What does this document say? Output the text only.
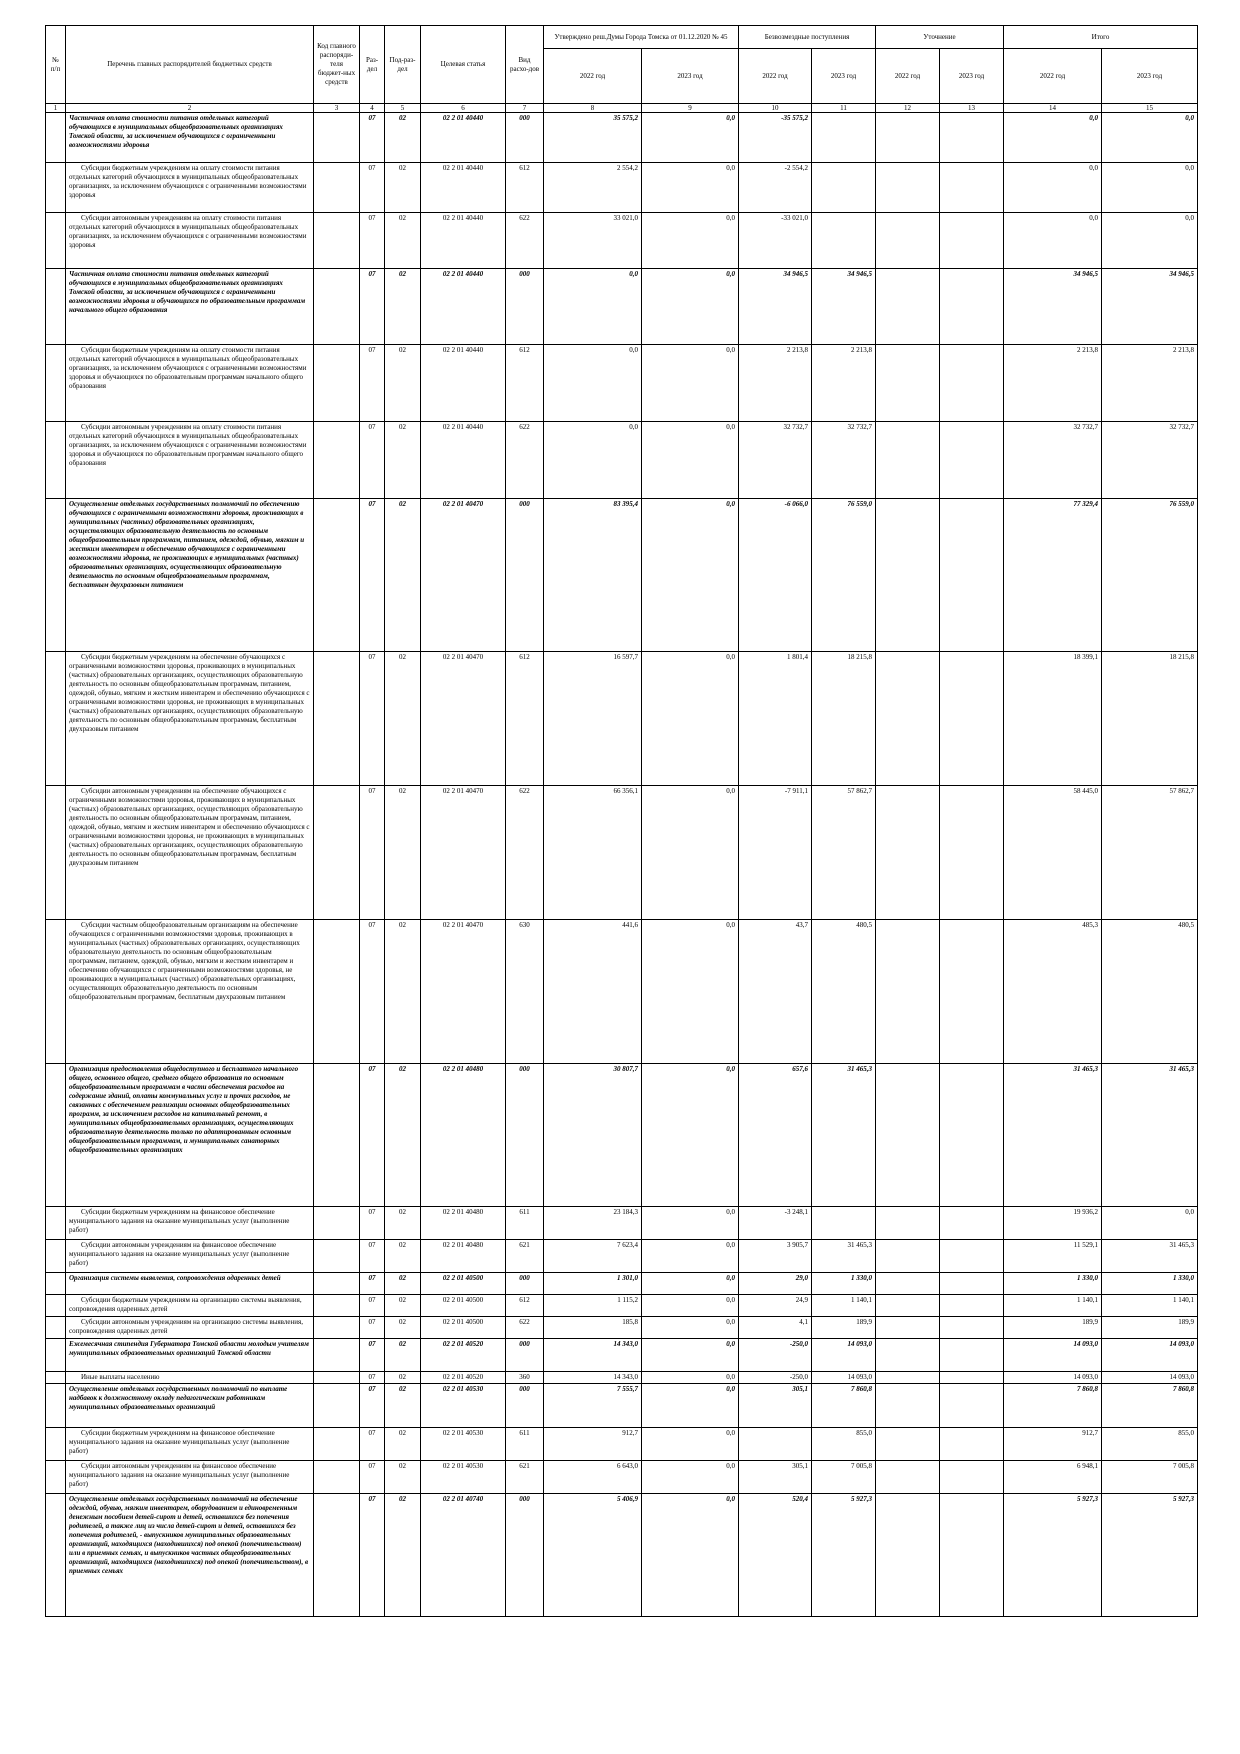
№ п/п	Перечень главных распорядителей бюджетных средств	Код главного распоряди-теля бюджет-ных средств	Раз-дел	Под-раз-дел	Целевая статья	Вид расхо-дов	Утверждено реш.Думы Города Томска от 01.12.2020 № 45		Безвозмездные поступления		Уточнение		Итого	
							2022 год	2023 год	2022 год	2023 год	2022 год	2023 год	2022 год	2023 год
1	2	3	4	5	6	7	8	9	10	11	12	13	14	15
	Частичная оплата стоимости питания отдельных категорий обучающихся в муниципальных общеобразовательных организациях Томской области, за исключением обучающихся с ограниченными возможностями здоровья		07	02	02 2 01 40440	000	35 575,2	0,0	-35 575,2				0,0	0,0
	Субсидии бюджетным учреждениям на оплату стоимости питания отдельных категорий обучающихся в муниципальных общеобразовательных организациях, за исключением обучающихся с ограниченными возможностями здоровья		07	02	02 2 01 40440	612	2 554,2	0,0	-2 554,2				0,0	0,0
	Субсидии автономным учреждениям на оплату стоимости питания отдельных категорий обучающихся в муниципальных общеобразовательных организациях, за исключением обучающихся с ограниченными возможностями здоровья		07	02	02 2 01 40440	622	33 021,0	0,0	-33 021,0				0,0	0,0
	Частичная оплата стоимости питания отдельных категорий обучающихся в муниципальных общеобразовательных организациях Томской области, за исключением обучающихся с ограниченными возможностями здоровья и обучающихся по образовательным программам начального общего образования		07	02	02 2 01 40440	000	0,0	0,0	34 946,5	34 946,5			34 946,5	34 946,5
	Субсидии бюджетным учреждениям на оплату стоимости питания отдельных категорий обучающихся в муниципальных общеобразовательных организациях, за исключением обучающихся с ограниченными возможностями здоровья и обучающихся по образовательным программам начального общего образования		07	02	02 2 01 40440	612	0,0	0,0	2 213,8	2 213,8			2 213,8	2 213,8
	Субсидии автономным учреждениям на оплату стоимости питания отдельных категорий обучающихся в муниципальных общеобразовательных организациях, за исключением обучающихся с ограниченными возможностями здоровья и обучающихся по образовательным программам начального общего образования		07	02	02 2 01 40440	622	0,0	0,0	32 732,7	32 732,7			32 732,7	32 732,7
	Осуществление отдельных государственных полномочий по обеспечению обучающихся с ограниченными возможностями здоровья, проживающих в муниципальных (частных) образовательных организациях, осуществляющих образовательную деятельность по основным общеобразовательным программам, питанием, одеждой, обувью, мягким и жестким инвентарем и обеспечению обучающихся с ограниченными возможностями здоровья, не проживающих в муниципальных (частных) образовательных организациях, осуществляющих образовательную деятельность по основным общеобразовательным программам, бесплатным двухразовым питанием		07	02	02 2 01 40470	000	83 395,4	0,0	-6 066,0	76 559,0			77 329,4	76 559,0
	Субсидии бюджетным учреждениям на обеспечение обучающихся с ограниченными возможностями здоровья, проживающих в муниципальных (частных) образовательных организациях, осуществляющих образовательную деятельность по основным общеобразовательным программам, питанием, одеждой, обувью, мягким и жестким инвентарем и обеспечению обучающихся с ограниченными возможностями здоровья, не проживающих в муниципальных (частных) образовательных организациях, осуществляющих образовательную деятельность по основным общеобразовательным программам, бесплатным двухразовым питанием		07	02	02 2 01 40470	612	16 597,7	0,0	1 801,4	18 215,8			18 399,1	18 215,8
	Субсидии автономным учреждениям на обеспечение обучающихся с ограниченными возможностями здоровья, проживающих в муниципальных (частных) образовательных организациях, осуществляющих образовательную деятельность по основным общеобразовательным программам, питанием, одеждой, обувью, мягким и жестким инвентарем и обеспечению обучающихся с ограниченными возможностями здоровья, не проживающих в муниципальных (частных) образовательных организациях, осуществляющих образовательную деятельность по основным общеобразовательным программам, бесплатным двухразовым питанием		07	02	02 2 01 40470	622	66 356,1	0,0	-7 911,1	57 862,7			58 445,0	57 862,7
	Субсидии частным общеобразовательным организациям на обеспечение обучающихся с ограниченными возможностями здоровья, проживающих в муниципальных (частных) образовательных организациях, осуществляющих образовательную деятельность по основным общеобразовательным программам, питанием, одеждой, обувью, мягким и жестким инвентарем и обеспечению обучающихся с ограниченными возможностями здоровья, не проживающих в муниципальных (частных) образовательных организациях, осуществляющих образовательную деятельность по основным общеобразовательным программам, бесплатным двухразовым питанием		07	02	02 2 01 40470	630	441,6	0,0	43,7	480,5			485,3	480,5
	Организация предоставления общедоступного и бесплатного начального общего, основного общего, среднего общего образования по основным общеобразовательным программам в части обеспечения расходов на содержание зданий, оплаты коммунальных услуг и прочих расходов, не связанных с обеспечением реализации основных общеобразовательных программ, за исключением расходов на капитальный ремонт, в муниципальных общеобразовательных организациях, осуществляющих образовательную деятельность только по адаптированным основным общеобразовательным программам, и муниципальных санаторных общеобразовательных организациях		07	02	02 2 01 40480	000	30 807,7	0,0	657,6	31 465,3			31 465,3	31 465,3
	Субсидии бюджетным учреждениям на финансовое обеспечение муниципального задания на оказание муниципальных услуг (выполнение работ)		07	02	02 2 01 40480	611	23 184,3	0,0	-3 248,1				19 936,2	0,0
	Субсидии автономным учреждениям на финансовое обеспечение муниципального задания на оказание муниципальных услуг (выполнение работ)		07	02	02 2 01 40480	621	7 623,4	0,0	3 905,7	31 465,3			11 529,1	31 465,3
	Организация системы выявления, сопровождения одаренных детей		07	02	02 2 01 40500	000	1 301,0	0,0	29,0	1 330,0			1 330,0	1 330,0
	Субсидии бюджетным учреждениям на организацию системы выявления, сопровождения одаренных детей		07	02	02 2 01 40500	612	1 115,2	0,0	24,9	1 140,1			1 140,1	1 140,1
	Субсидии автономным учреждениям на организацию системы выявления, сопровождения одаренных детей		07	02	02 2 01 40500	622	185,8	0,0	4,1	189,9			189,9	189,9
	Ежемесячная стипендия Губернатора Томской области молодым учителям муниципальных образовательных организаций Томской области		07	02	02 2 01 40520	000	14 343,0	0,0	-250,0	14 093,0			14 093,0	14 093,0
	Иные выплаты населению		07	02	02 2 01 40520	360	14 343,0	0,0	-250,0	14 093,0			14 093,0	14 093,0
	Осуществление отдельных государственных полномочий по выплате надбавок к должностному окладу педагогическим работникам муниципальных образовательных организаций		07	02	02 2 01 40530	000	7 555,7	0,0	305,1	7 860,8			7 860,8	7 860,8
	Субсидии бюджетным учреждениям на финансовое обеспечение муниципального задания на оказание муниципальных услуг (выполнение работ)		07	02	02 2 01 40530	611	912,7	0,0		855,0			912,7	855,0
	Субсидии автономным учреждениям на финансовое обеспечение муниципального задания на оказание муниципальных услуг (выполнение работ)		07	02	02 2 01 40530	621	6 643,0	0,0	305,1	7 005,8			6 948,1	7 005,8
	Осуществление отдельных государственных полномочий на обеспечение одеждой, обувью, мягким инвентарем, оборудованием и единовременным денежным пособием детей-сирот и детей, оставшихся без попечения родителей, а также лиц из числа детей-сирот и детей, оставшихся без попечения родителей, - выпускников муниципальных образовательных организаций, находящихся (находившихся) под опекой (попечительством) или в приемных семьях, и выпускников частных общеобразовательных организаций, находящихся (находившихся) под опекой (попечительством), в приемных семьях		07	02	02 2 01 40740	000	5 406,9	0,0	520,4	5 927,3			5 927,3	5 927,3
